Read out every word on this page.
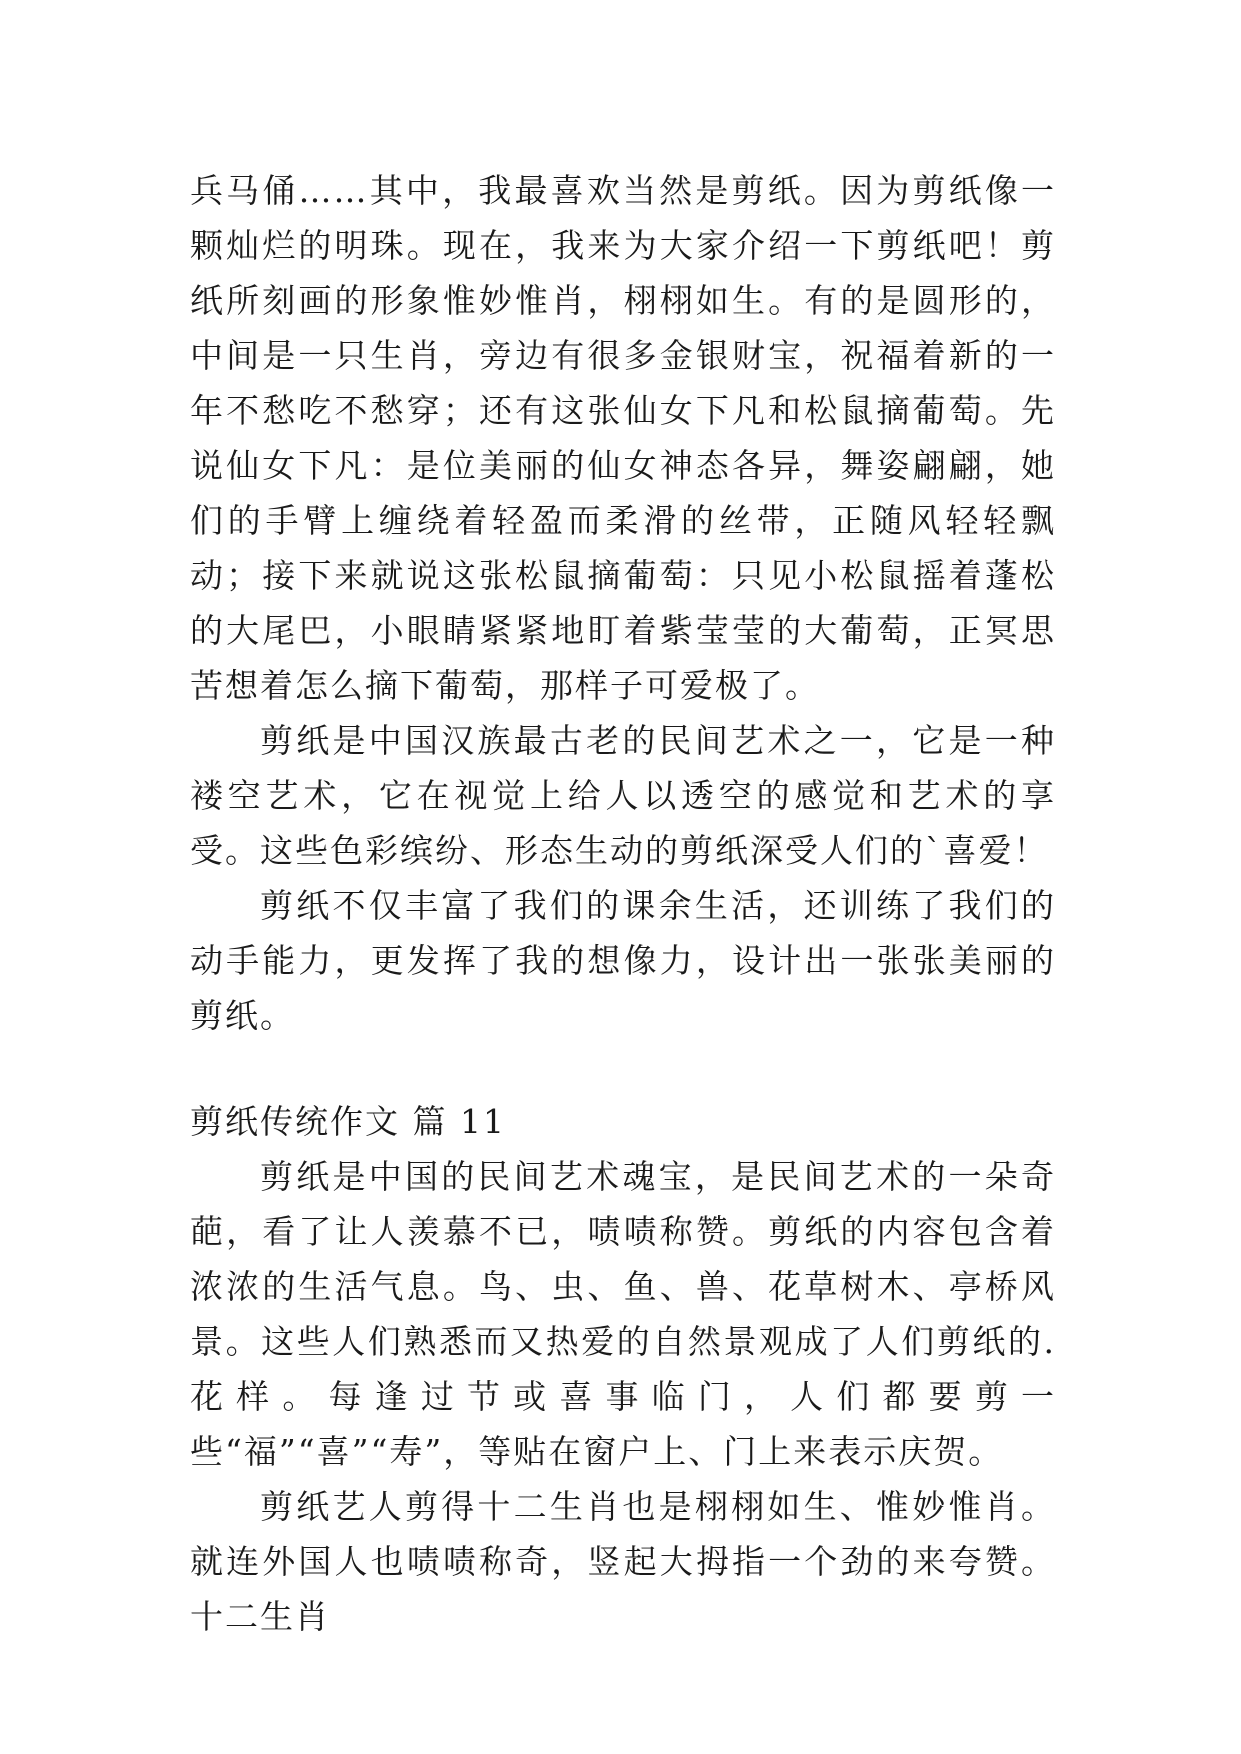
兵马俑……其中，我最喜欢当然是剪纸。因为剪纸像一颗灿烂的明珠。现在，我来为大家介绍一下剪纸吧！剪纸所刻画的形象惟妙惟肖，栩栩如生。有的是圆形的，中间是一只生肖，旁边有很多金银财宝，祝福着新的一年不愁吃不愁穿；还有这张仙女下凡和松鼠摘葡萄。先说仙女下凡：是位美丽的仙女神态各异，舞姿翩翩，她们的手臂上缠绕着轻盈而柔滑的丝带，正随风轻轻飘动；接下来就说这张松鼠摘葡萄：只见小松鼠摇着蓬松的大尾巴，小眼睛紧紧地盯着紫莹莹的大葡萄，正冥思苦想着怎么摘下葡萄，那样子可爱极了。

剪纸是中国汉族最古老的民间艺术之一，它是一种褛空艺术，它在视觉上给人以透空的感觉和艺术的享受。这些色彩缤纷、形态生动的剪纸深受人们的`喜爱！

剪纸不仅丰富了我们的课余生活，还训练了我们的动手能力，更发挥了我的想像力，设计出一张张美丽的剪纸。

剪纸传统作文 篇 11

剪纸是中国的民间艺术魂宝，是民间艺术的一朵奇葩，看了让人羡慕不已，啧啧称赞。剪纸的内容包含着浓浓的生活气息。鸟、虫、鱼、兽、花草树木、亭桥风景。这些人们熟悉而又热爱的自然景观成了人们剪纸的.花样。每逢过节或喜事临门，人们都要剪一些“福”“喜”“寿”，等贴在窗户上、门上来表示庆贺。

剪纸艺人剪得十二生肖也是栩栩如生、惟妙惟肖。就连外国人也啧啧称奇，竖起大拇指一个劲的来夸赞。十二生肖
